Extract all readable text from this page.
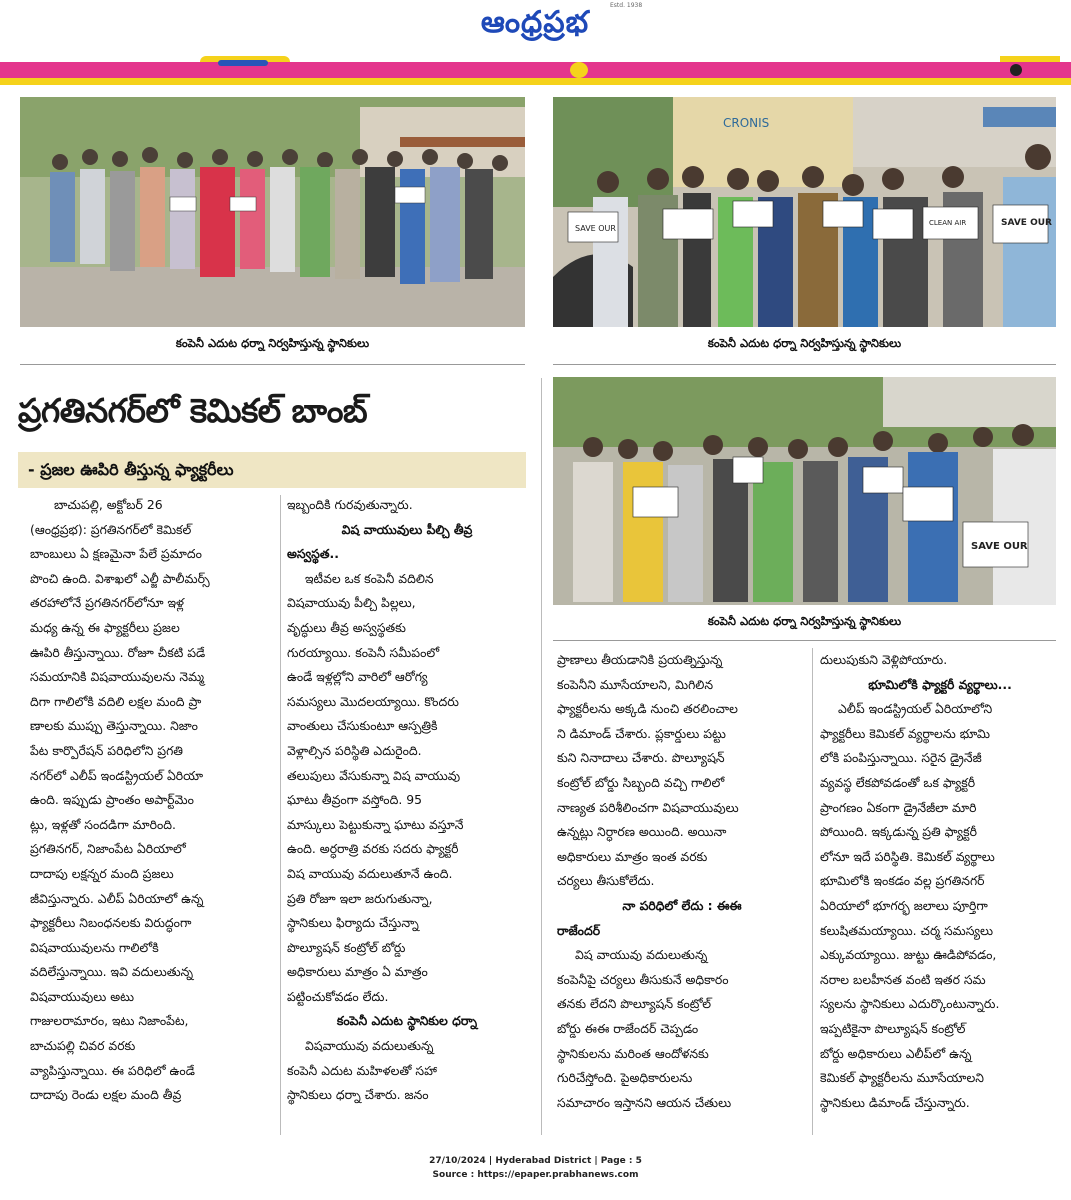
ఆంధ్రప్రభ	Estd. 1938
కంపెనీ ఎదుట ధర్నా నిర్వహిస్తున్న స్థానికులు
CRONIS
SAVE OUR
SAVE OUR
CLEAN AIR
కంపెనీ ఎదుట ధర్నా నిర్వహిస్తున్న స్థానికులు
SAVE OUR
కంపెనీ ఎదుట ధర్నా నిర్వహిస్తున్న స్థానికులు
ప్రగతినగర్‌లో కెమికల్ బాంబ్
- ప్రజల ఊపిరి తీస్తున్న ఫ్యాక్టరీలు

బాచుపల్లి, అక్టోబర్ 26

(ఆంధ్రప్రభ): ప్రగతినగర్‌లో కెమికల్

బాంబులు ఏ క్షణమైనా పేలే ప్రమాదం

పొంచి ఉంది. విశాఖలో ఎల్జీ పాలీమర్స్

తరహాలోనే ప్రగతినగర్‌లోనూ ఇళ్ల

మధ్య ఉన్న ఈ ఫ్యాక్టరీలు ప్రజల

ఊపిరి తీస్తున్నాయి. రోజూ చీకటి పడే

సమయానికి విషవాయువులను నెమ్మ

దిగా గాలిలోకి వదిలి లక్షల మంది ప్రా

ణాలకు ముప్పు తెస్తున్నాయి. నిజాం

పేట కార్పొరేషన్ పరిధిలోని ప్రగతి

నగర్‌లో ఎలీప్ ఇండస్ట్రియల్ ఏరియా

ఉంది. ఇప్పుడు ప్రాంతం అపార్ట్‌మెం

ట్లు, ఇళ్లతో సందడిగా మారింది.

ప్రగతినగర్, నిజాంపేట ఏరియాలో

దాదాపు లక్షన్నర మంది ప్రజలు

జీవిస్తున్నారు. ఎలీప్ ఏరియాలో ఉన్న

ఫ్యాక్టరీలు నిబంధనలకు విరుద్ధంగా

విషవాయువులను గాలిలోకి

వదిలేస్తున్నాయి. ఇవి వదులుతున్న

విషవాయువులు అటు

గాజులరామారం, ఇటు నిజాంపేట,

బాచుపల్లి చివర వరకు

వ్యాపిస్తున్నాయి. ఈ పరిధిలో ఉండే

దాదాపు రెండు లక్షల మంది తీవ్ర

ఇబ్బందికి గురవుతున్నారు.

విష వాయువులు పీల్చి తీవ్ర

అస్వస్థత..

ఇటీవల ఒక కంపెనీ వదిలిన

విషవాయువు పీల్చి పిల్లలు,

వృద్ధులు తీవ్ర అస్వస్థతకు

గురయ్యాయి. కంపెనీ సమీపంలో

ఉండే ఇళ్లల్లోని వారిలో ఆరోగ్య

సమస్యలు మొదలయ్యాయి. కొందరు

వాంతులు చేసుకుంటూ ఆస్పత్రికి

వెళ్లాల్సిన పరిస్థితి ఎదురైంది.

తలుపులు వేసుకున్నా విష వాయువు

ఘాటు తీవ్రంగా వస్తోంది. 95

మాస్కులు పెట్టుకున్నా ఘాటు వస్తూనే

ఉంది. అర్ధరాత్రి వరకు సదరు ఫ్యాక్టరీ

విష వాయువు వదులుతూనే ఉంది.

ప్రతి రోజూ ఇలా జరుగుతున్నా,

స్థానికులు ఫిర్యాదు చేస్తున్నా

పొల్యూషన్ కంట్రోల్ బోర్డు

అధికారులు మాత్రం ఏ మాత్రం

పట్టించుకోవడం లేదు.

కంపెనీ ఎదుట స్థానికుల ధర్నా

విషవాయువు వదులుతున్న

కంపెనీ ఎదుట మహిళలతో సహా

స్థానికులు ధర్నా చేశారు. జనం

ప్రాణాలు తీయడానికి ప్రయత్నిస్తున్న

కంపెనీని మూసేయాలని, మిగిలిన

ఫ్యాక్టరీలను అక్కడి నుంచి తరలించాల

ని డిమాండ్ చేశారు. ప్లకార్డులు పట్టు

కుని నినాదాలు చేశారు. పొల్యూషన్

కంట్రోల్ బోర్డు సిబ్బంది వచ్చి గాలిలో

నాణ్యత పరిశీలించగా విషవాయువులు

ఉన్నట్లు నిర్ధారణ అయింది. అయినా

అధికారులు మాత్రం ఇంత వరకు

చర్యలు తీసుకోలేదు.

నా పరిధిలో లేదు : ఈఈ

రాజేందర్

విష వాయువు వదులుతున్న

కంపెనీపై చర్యలు తీసుకునే అధికారం

తనకు లేదని పొల్యూషన్ కంట్రోల్

బోర్డు ఈఈ రాజేందర్ చెప్పడం

స్థానికులను మరింత ఆందోళనకు

గురిచేస్తోంది. పైఅధికారులను

సమాచారం ఇస్తానని ఆయన చేతులు

దులుపుకుని వెళ్లిపోయారు.

భూమిలోకి ఫ్యాక్టరీ వ్యర్థాలు...

ఎలీప్ ఇండస్ట్రియల్ ఏరియాలోని

ఫ్యాక్టరీలు కెమికల్ వ్యర్థాలను భూమి

లోకి పంపిస్తున్నాయి. సరైన డ్రైనేజీ

వ్యవస్థ లేకపోవడంతో ఒక ఫ్యాక్టరీ

ప్రాంగణం ఏకంగా డ్రైనేజీలా మారి

పోయింది. ఇక్కడున్న ప్రతి ఫ్యాక్టరీ

లోనూ ఇదే పరిస్థితి. కెమికల్ వ్యర్థాలు

భూమిలోకి ఇంకడం వల్ల ప్రగతినగర్

ఏరియాలో భూగర్భ జలాలు పూర్తిగా

కలుషితమయ్యాయి. చర్మ సమస్యలు

ఎక్కువయ్యాయి. జుట్టు ఊడిపోవడం,

నరాల బలహీనత వంటి ఇతర సమ

స్యలను స్థానికులు ఎదుర్కొంటున్నారు.

ఇప్పటికైనా పొల్యూషన్ కంట్రోల్

బోర్డు అధికారులు ఎలీప్‌లో ఉన్న

కెమికల్ ఫ్యాక్టరీలను మూసేయాలని

స్థానికులు డిమాండ్ చేస్తున్నారు.

27/10/2024 | Hyderabad District | Page : 5
Source : https://epaper.prabhanews.com
